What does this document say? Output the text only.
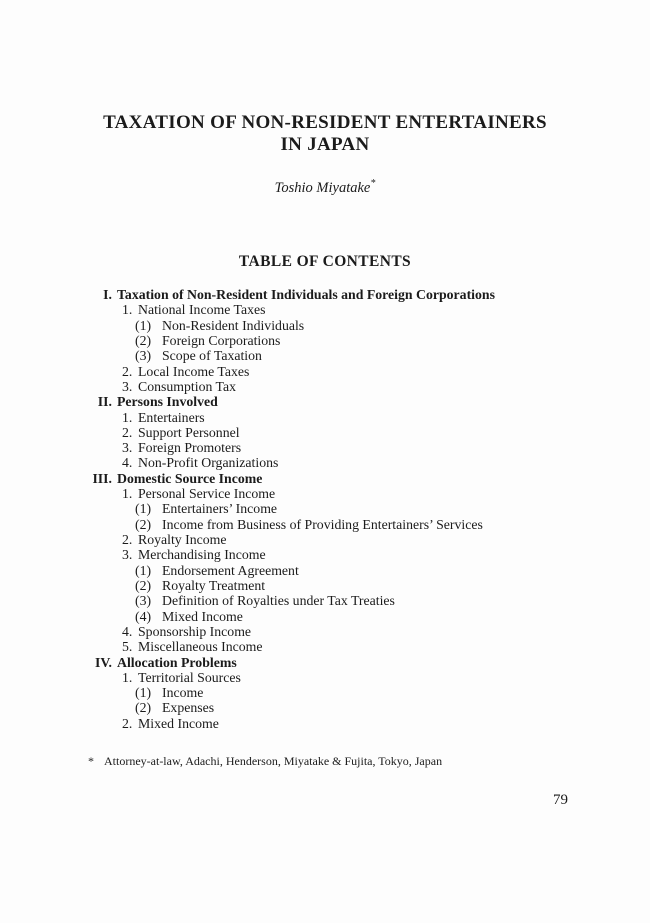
TAXATION OF NON-RESIDENT ENTERTAINERS
IN JAPAN
Toshio Miyatake*
TABLE OF CONTENTS
I. Taxation of Non-Resident Individuals and Foreign Corporations
1. National Income Taxes
(1) Non-Resident Individuals
(2) Foreign Corporations
(3) Scope of Taxation
2. Local Income Taxes
3. Consumption Tax
II. Persons Involved
1. Entertainers
2. Support Personnel
3. Foreign Promoters
4. Non-Profit Organizations
III. Domestic Source Income
1. Personal Service Income
(1) Entertainers’ Income
(2) Income from Business of Providing Entertainers’ Services
2. Royalty Income
3. Merchandising Income
(1) Endorsement Agreement
(2) Royalty Treatment
(3) Definition of Royalties under Tax Treaties
(4) Mixed Income
4. Sponsorship Income
5. Miscellaneous Income
IV. Allocation Problems
1. Territorial Sources
(1) Income
(2) Expenses
2. Mixed Income
* Attorney-at-law, Adachi, Henderson, Miyatake & Fujita, Tokyo, Japan
79
